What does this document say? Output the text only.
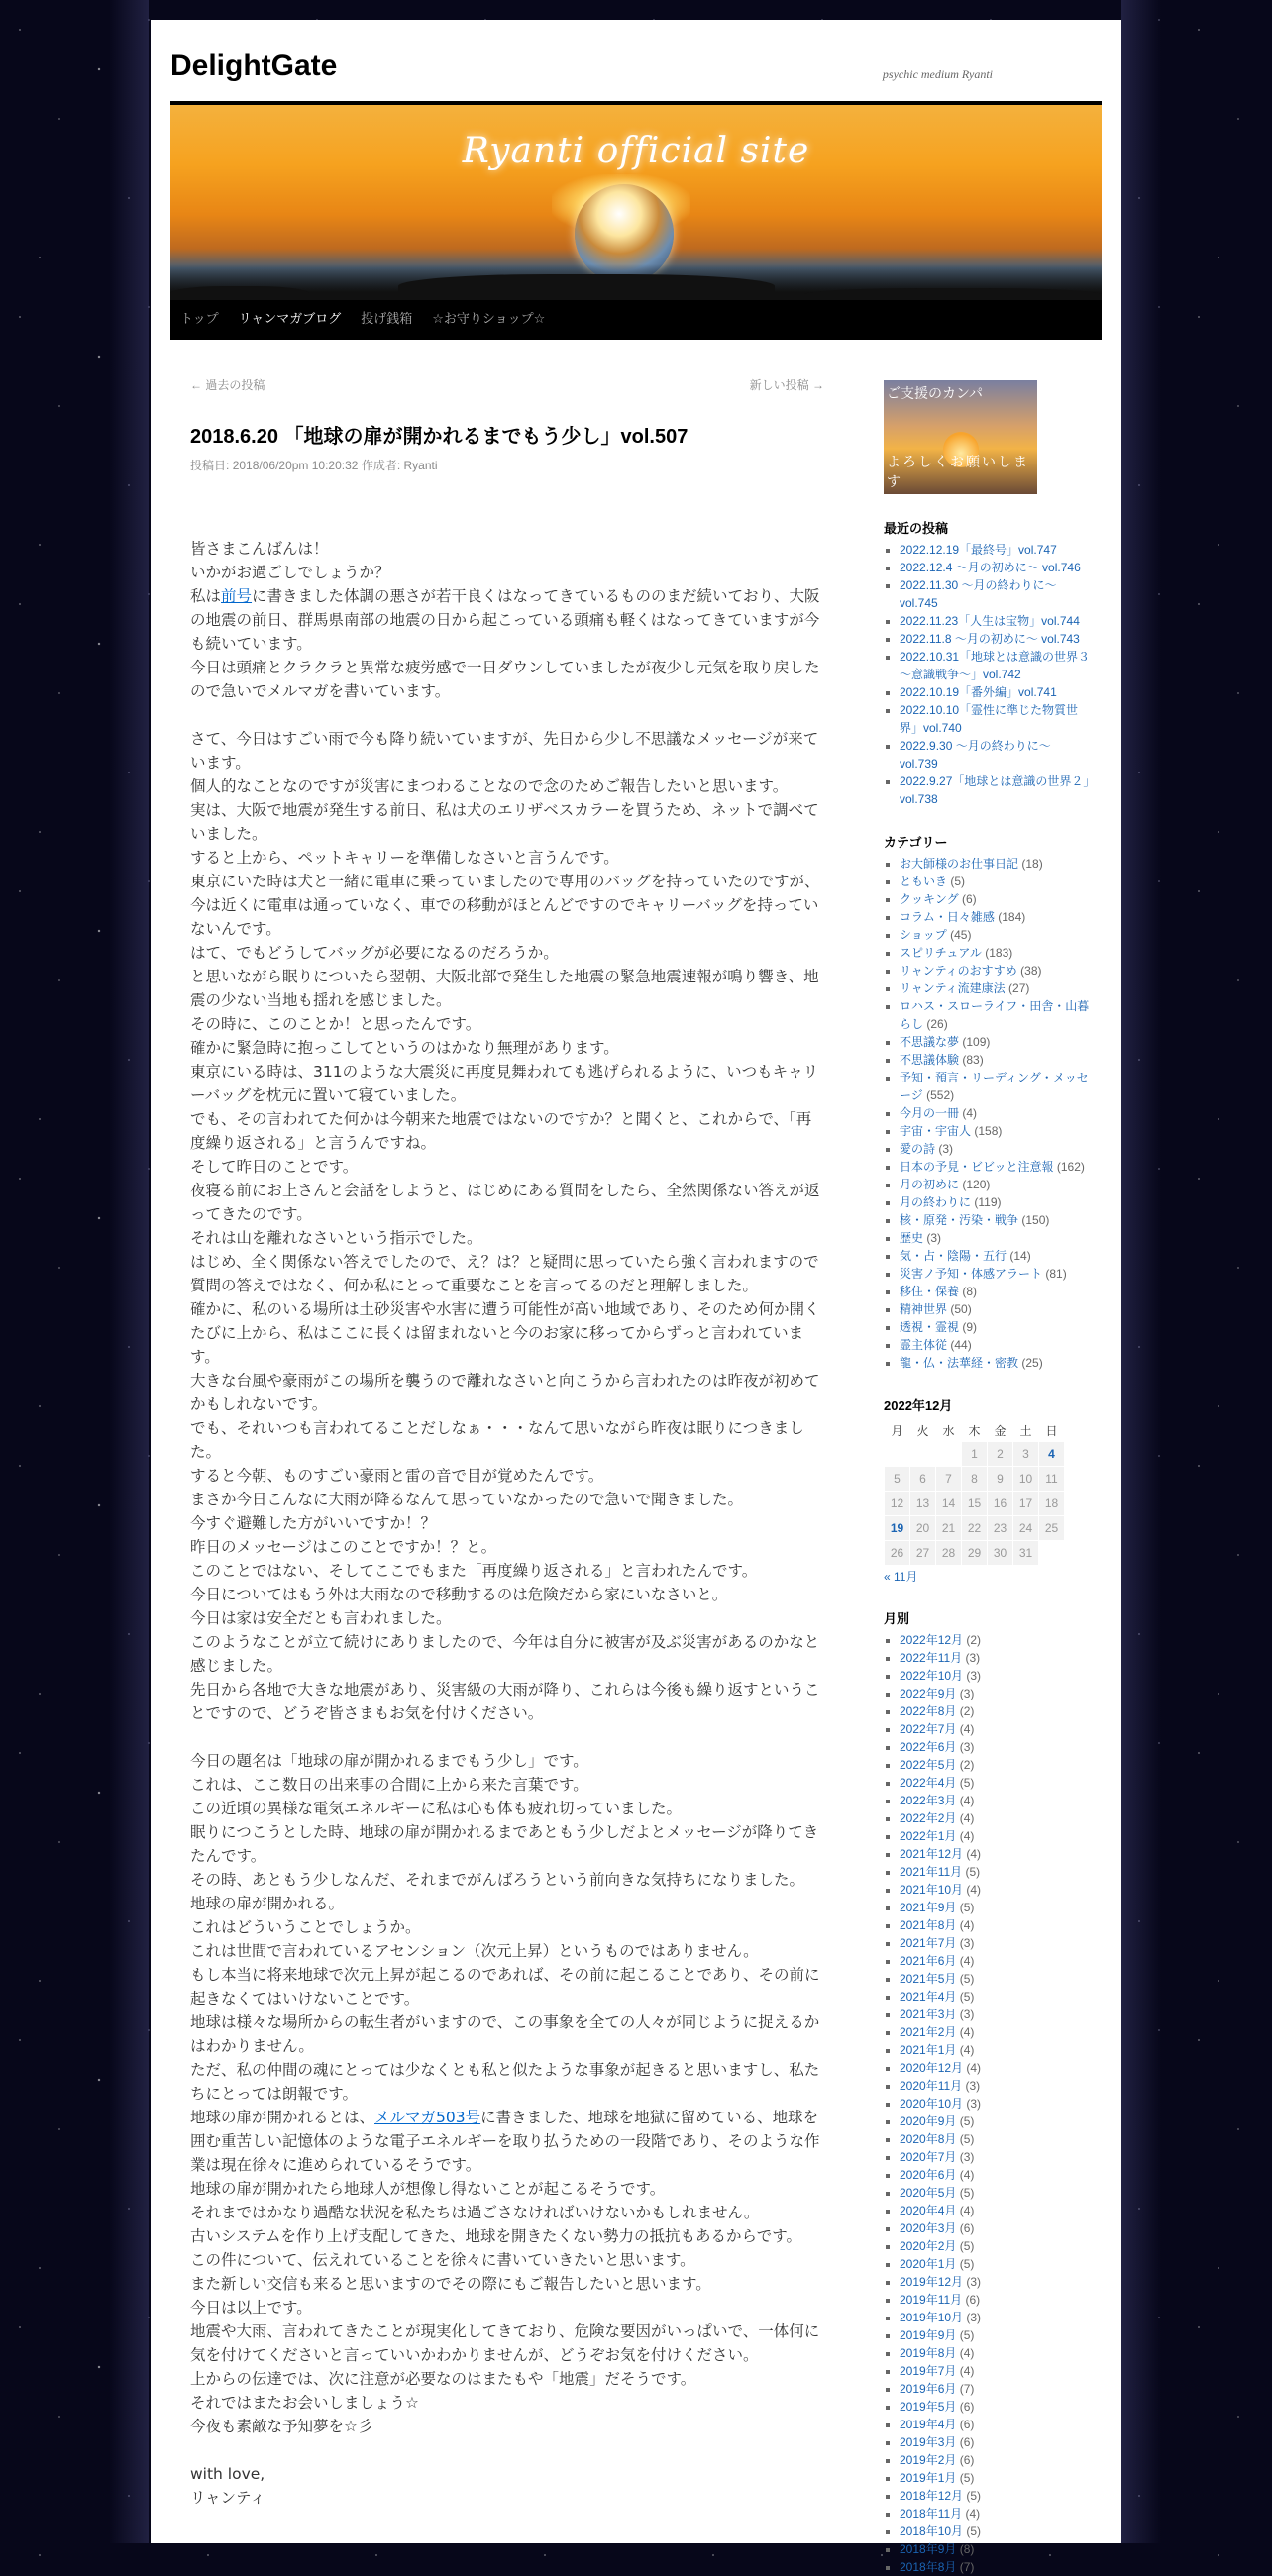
DelightGate	psychic medium Ryanti
Ryanti official site
トップ	リャンマガブログ	投げ銭箱	☆お守りショップ☆
← 過去の投稿	新しい投稿 →
2018.6.20 「地球の扉が開かれるまでもう少し」vol.507
投稿日: 2018/06/20pm 10:20:32 作成者: Ryanti

皆さまこんばんは！

いかがお過ごしでしょうか？

私は前号に書きました体調の悪さが若干良くはなってきているもののまだ続いており、大阪の地震の前日、群馬県南部の地震の日から起こっている頭痛も軽くはなってきていますが今も続いています。

今日は頭痛とクラクラと異常な疲労感で一日ダウンしていましたが夜少し元気を取り戻したので急いでメルマガを書いています。

さて、今日はすごい雨で今も降り続いていますが、先日から少し不思議なメッセージが来ています。

個人的なことなのですが災害にまつわることなので念のためご報告したいと思います。

実は、大阪で地震が発生する前日、私は犬のエリザベスカラーを買うため、ネットで調べていました。

すると上から、ペットキャリーを準備しなさいと言うんです。

東京にいた時は犬と一緒に電車に乗っていましたので専用のバッグを持っていたのですが、今は近くに電車は通っていなく、車での移動がほとんどですのでキャリーバッグを持っていないんです。

はて、でもどうしてバッグが必要になるのだろうか。

と思いながら眠りについたら翌朝、大阪北部で発生した地震の緊急地震速報が鳴り響き、地震の少ない当地も揺れを感じました。

その時に、このことか！と思ったんです。

確かに緊急時に抱っこしてというのはかなり無理があります。

東京にいる時は、311のような大震災に再度見舞われても逃げられるように、いつもキャリーバッグを枕元に置いて寝ていました。

でも、その言われてた何かは今朝来た地震ではないのですか？と聞くと、これからで、「再度繰り返される」と言うんですね。

そして昨日のことです。

夜寝る前にお上さんと会話をしようと、はじめにある質問をしたら、全然関係ない答えが返ってきたのです。

それは山を離れなさいという指示でした。

はじめ、全く関係ない答えでしたので、え？は？と疑問に思っていたら強く言われますので質問の答えではなく、何か私にとって重要なことを言ってるのだと理解しました。

確かに、私のいる場所は土砂災害や水害に遭う可能性が高い地域であり、そのため何か開くたびに上から、私はここに長くは留まれないと今のお家に移ってからずっと言われています。

大きな台風や豪雨がこの場所を襲うので離れなさいと向こうから言われたのは昨夜が初めてかもしれないです。

でも、それいつも言われてることだしなぁ・・・なんて思いながら昨夜は眠りにつきました。

すると今朝、ものすごい豪雨と雷の音で目が覚めたんです。

まさか今日こんなに大雨が降るなんて思っていなかったので急いで聞きました。

今すぐ避難した方がいいですか！？

昨日のメッセージはこのことですか！？と。

このことではない、そしてここでもまた「再度繰り返される」と言われたんです。

今日についてはもう外は大雨なので移動するのは危険だから家にいなさいと。

今日は家は安全だとも言われました。

このようなことが立て続けにありましたので、今年は自分に被害が及ぶ災害があるのかなと感じました。

先日から各地で大きな地震があり、災害級の大雨が降り、これらは今後も繰り返すということですので、どうぞ皆さまもお気を付けください。

今日の題名は「地球の扉が開かれるまでもう少し」です。

これは、ここ数日の出来事の合間に上から来た言葉です。

この近頃の異様な電気エネルギーに私は心も体も疲れ切っていました。

眠りにつこうとした時、地球の扉が開かれるまであともう少しだよとメッセージが降りてきたんです。

その時、あともう少しなんだ、それまでがんばろうという前向きな気持ちになりました。

地球の扉が開かれる。

これはどういうことでしょうか。

これは世間で言われているアセンション（次元上昇）というものではありません。

もし本当に将来地球で次元上昇が起こるのであれば、その前に起こることであり、その前に起きなくてはいけないことです。

地球は様々な場所からの転生者がいますので、この事象を全ての人々が同じように捉えるかはわかりません。

ただ、私の仲間の魂にとっては少なくとも私と似たような事象が起きると思いますし、私たちにとっては朗報です。

地球の扉が開かれるとは、メルマガ503号に書きました、地球を地獄に留めている、地球を囲む重苦しい記憶体のような電子エネルギーを取り払うための一段階であり、そのような作業は現在徐々に進められているそうです。

地球の扉が開かれたら地球人が想像し得ないことが起こるそうです。

それまではかなり過酷な状況を私たちは過ごさなければいけないかもしれません。

古いシステムを作り上げ支配してきた、地球を開きたくない勢力の抵抗もあるからです。

この件について、伝えれていることを徐々に書いていきたいと思います。

また新しい交信も来ると思いますのでその際にもご報告したいと思います。

今日は以上です。

地震や大雨、言われてきたことが現実化してきており、危険な要因がいっぱいで、一体何に気を付けてくださいと言っていいかわかりませんが、どうぞお気を付けください。

上からの伝達では、次に注意が必要なのはまたもや「地震」だそうです。

それではまたお会いしましょう☆

今夜も素敵な予知夢を☆彡

with love,

リャンティ

ご支援のカンパ
よろしくお願いします
最近の投稿
▪ 2022.12.19「最終号」vol.747
▪ 2022.12.4 ～月の初めに～ vol.746
▪ 2022.11.30 ～月の終わりに～ vol.745
▪ 2022.11.23「人生は宝物」vol.744
▪ 2022.11.8 ～月の初めに～ vol.743
▪ 2022.10.31「地球とは意識の世界３ ～意識戦争～」vol.742
▪ 2022.10.19「番外編」vol.741
▪ 2022.10.10「霊性に準じた物質世界」vol.740
▪ 2022.9.30 ～月の終わりに～ vol.739
▪ 2022.9.27「地球とは意識の世界２」vol.738
カテゴリー
▪ お大師様のお仕事日記 (18)
▪ ともいき (5)
▪ クッキング (6)
▪ コラム・日々雑感 (184)
▪ ショップ (45)
▪ スピリチュアル (183)
▪ リャンティのおすすめ (38)
▪ リャンティ流建康法 (27)
▪ ロハス・スローライフ・田舎・山暮らし (26)
▪ 不思議な夢 (109)
▪ 不思議体験 (83)
▪ 予知・預言・リーディング・メッセージ (552)
▪ 今月の一冊 (4)
▪ 宇宙・宇宙人 (158)
▪ 愛の詩 (3)
▪ 日本の予見・ビビッと注意報 (162)
▪ 月の初めに (120)
▪ 月の終わりに (119)
▪ 核・原発・汚染・戦争 (150)
▪ 歴史 (3)
▪ 気・占・陰陽・五行 (14)
▪ 災害ノ予知・体感アラート (81)
▪ 移住・保養 (8)
▪ 精神世界 (50)
▪ 透視・霊視 (9)
▪ 霊主体従 (44)
▪ 龍・仏・法華経・密教 (25)
2022年12月
月	火	水	木	金	土	日
			1	2	3	4
5	6	7	8	9	10	11
12	13	14	15	16	17	18
19	20	21	22	23	24	25
26	27	28	29	30	31	
« 11月
月別
▪ 2022年12月 (2)
▪ 2022年11月 (3)
▪ 2022年10月 (3)
▪ 2022年9月 (3)
▪ 2022年8月 (2)
▪ 2022年7月 (4)
▪ 2022年6月 (3)
▪ 2022年5月 (2)
▪ 2022年4月 (5)
▪ 2022年3月 (4)
▪ 2022年2月 (4)
▪ 2022年1月 (4)
▪ 2021年12月 (4)
▪ 2021年11月 (5)
▪ 2021年10月 (4)
▪ 2021年9月 (5)
▪ 2021年8月 (4)
▪ 2021年7月 (3)
▪ 2021年6月 (4)
▪ 2021年5月 (5)
▪ 2021年4月 (5)
▪ 2021年3月 (3)
▪ 2021年2月 (4)
▪ 2021年1月 (4)
▪ 2020年12月 (4)
▪ 2020年11月 (3)
▪ 2020年10月 (3)
▪ 2020年9月 (5)
▪ 2020年8月 (5)
▪ 2020年7月 (3)
▪ 2020年6月 (4)
▪ 2020年5月 (5)
▪ 2020年4月 (4)
▪ 2020年3月 (6)
▪ 2020年2月 (5)
▪ 2020年1月 (5)
▪ 2019年12月 (3)
▪ 2019年11月 (6)
▪ 2019年10月 (3)
▪ 2019年9月 (5)
▪ 2019年8月 (4)
▪ 2019年7月 (4)
▪ 2019年6月 (7)
▪ 2019年5月 (6)
▪ 2019年4月 (6)
▪ 2019年3月 (6)
▪ 2019年2月 (6)
▪ 2019年1月 (5)
▪ 2018年12月 (5)
▪ 2018年11月 (4)
▪ 2018年10月 (5)
▪ 2018年9月 (8)
▪ 2018年8月 (7)
